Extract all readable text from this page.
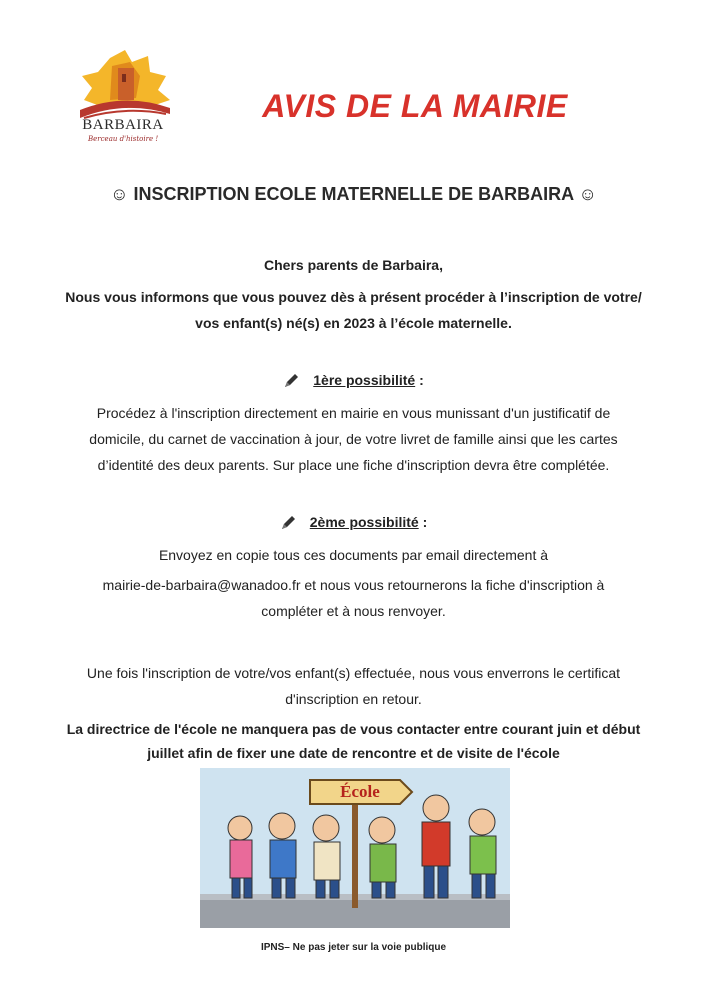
BARBAIRA
Berceau d'histoire !
AVIS DE LA MAIRIE
☺ INSCRIPTION ECOLE MATERNELLE DE BARBAIRA ☺
Chers parents de Barbaira,
Nous vous informons que vous pouvez dès à présent procéder à l’inscription de votre/
vos enfant(s) né(s) en 2023 à l’école maternelle.
1ère possibilité :
Procédez à l'inscription directement en mairie en vous munissant d'un justificatif de
domicile, du carnet de vaccination à jour, de votre livret de famille ainsi que les cartes
d’identité des deux parents. Sur place une fiche d'inscription devra être complétée.
2ème possibilité :
Envoyez en copie tous ces documents par email directement à
mairie-de-barbaira@wanadoo.fr et nous vous retournerons la fiche d'inscription à
compléter et à nous renvoyer.
Une fois l'inscription de votre/vos enfant(s) effectuée, nous vous enverrons le certificat
d'inscription en retour.
La directrice de l'école ne manquera pas de vous contacter entre courant juin et début
juillet afin de fixer une date de rencontre et de visite de l'école
École
IPNS– Ne pas jeter sur la voie publique
